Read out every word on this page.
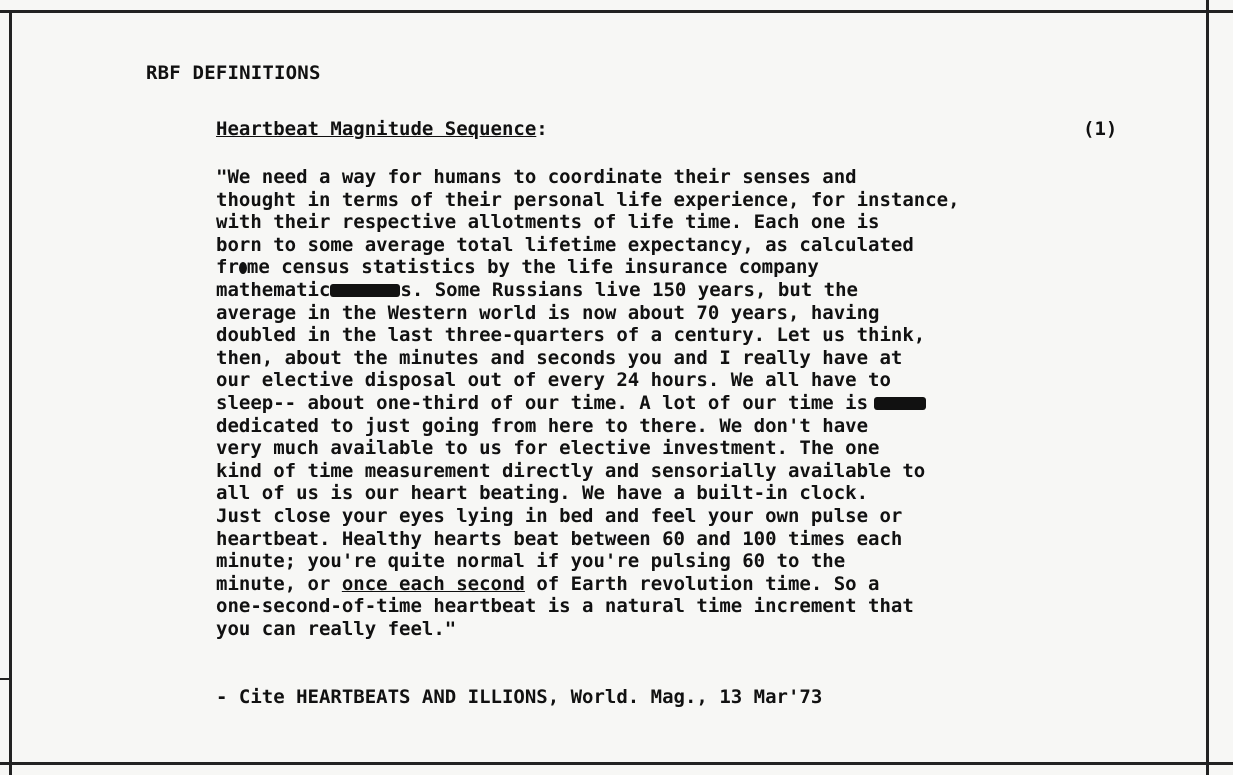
RBF DEFINITIONS
Heartbeat Magnitude Sequence:	(1)
"We need a way for humans to coordinate their senses and
thought in terms of their personal life experience, for instance,
with their respective allotments of life time. Each one is
born to some average total lifetime expectancy, as calculated
fr me census statistics by the life insurance company
mathematic	s. Some Russians live 150 years, but the
average in the Western world is now about 70 years, having
doubled in the last three-quarters of a century. Let us think,
then, about the minutes and seconds you and I really have at
our elective disposal out of every 24 hours. We all have to
sleep-- about one-third of our time. A lot of our time is
dedicated to just going from here to there. We don't have
very much available to us for elective investment. The one
kind of time measurement directly and sensorially available to
all of us is our heart beating. We have a built-in clock.
Just close your eyes lying in bed and feel your own pulse or
heartbeat. Healthy hearts beat between 60 and 100 times each
minute; you're quite normal if you're pulsing 60 to the
minute, or once each second of Earth revolution time. So a
one-second-of-time heartbeat is a natural time increment that
you can really feel."
- Cite HEARTBEATS AND ILLIONS, World. Mag., 13 Mar'73
